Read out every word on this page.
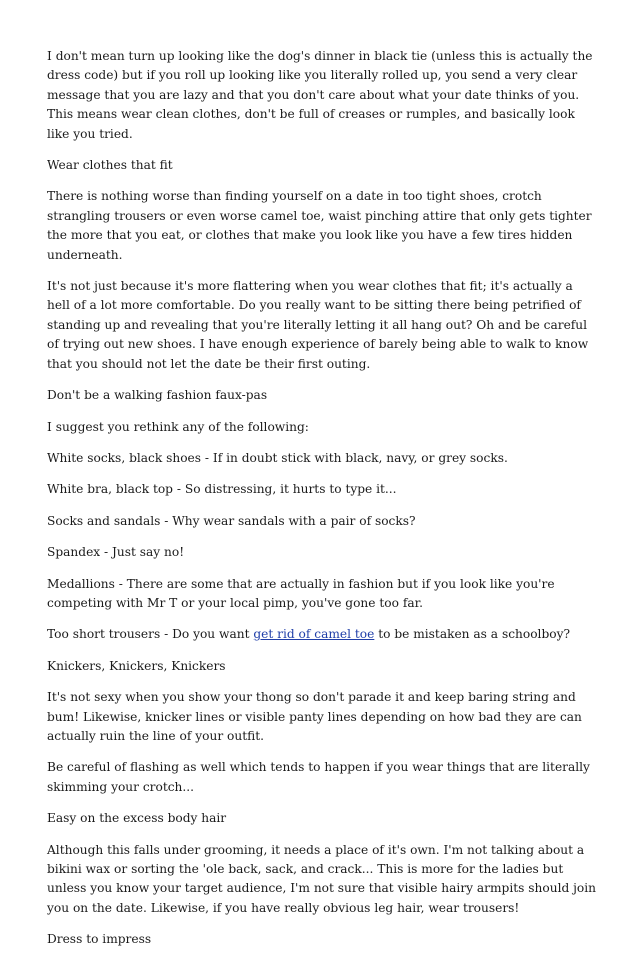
I don't mean turn up looking like the dog's dinner in black tie (unless this is actually the dress code) but if you roll up looking like you literally rolled up, you send a very clear message that you are lazy and that you don't care about what your date thinks of you. This means wear clean clothes, don't be full of creases or rumples, and basically look like you tried.

Wear clothes that fit

There is nothing worse than finding yourself on a date in too tight shoes, crotch strangling trousers or even worse camel toe, waist pinching attire that only gets tighter the more that you eat, or clothes that make you look like you have a few tires hidden underneath.

It's not just because it's more flattering when you wear clothes that fit; it's actually a hell of a lot more comfortable. Do you really want to be sitting there being petrified of standing up and revealing that you're literally letting it all hang out? Oh and be careful of trying out new shoes. I have enough experience of barely being able to walk to know that you should not let the date be their first outing.

Don't be a walking fashion faux-pas

I suggest you rethink any of the following:

White socks, black shoes - If in doubt stick with black, navy, or grey socks.

White bra, black top - So distressing, it hurts to type it...

Socks and sandals - Why wear sandals with a pair of socks?

Spandex - Just say no!

Medallions - There are some that are actually in fashion but if you look like you're competing with Mr T or your local pimp, you've gone too far.

Too short trousers - Do you want get rid of camel toe to be mistaken as a schoolboy?

Knickers, Knickers, Knickers

It's not sexy when you show your thong so don't parade it and keep baring string and bum! Likewise, knicker lines or visible panty lines depending on how bad they are can actually ruin the line of your outfit.

Be careful of flashing as well which tends to happen if you wear things that are literally skimming your crotch...

Easy on the excess body hair

Although this falls under grooming, it needs a place of it's own. I'm not talking about a bikini wax or sorting the 'ole back, sack, and crack... This is more for the ladies but unless you know your target audience, I'm not sure that visible hairy armpits should join you on the date. Likewise, if you have really obvious leg hair, wear trousers!

Dress to impress
